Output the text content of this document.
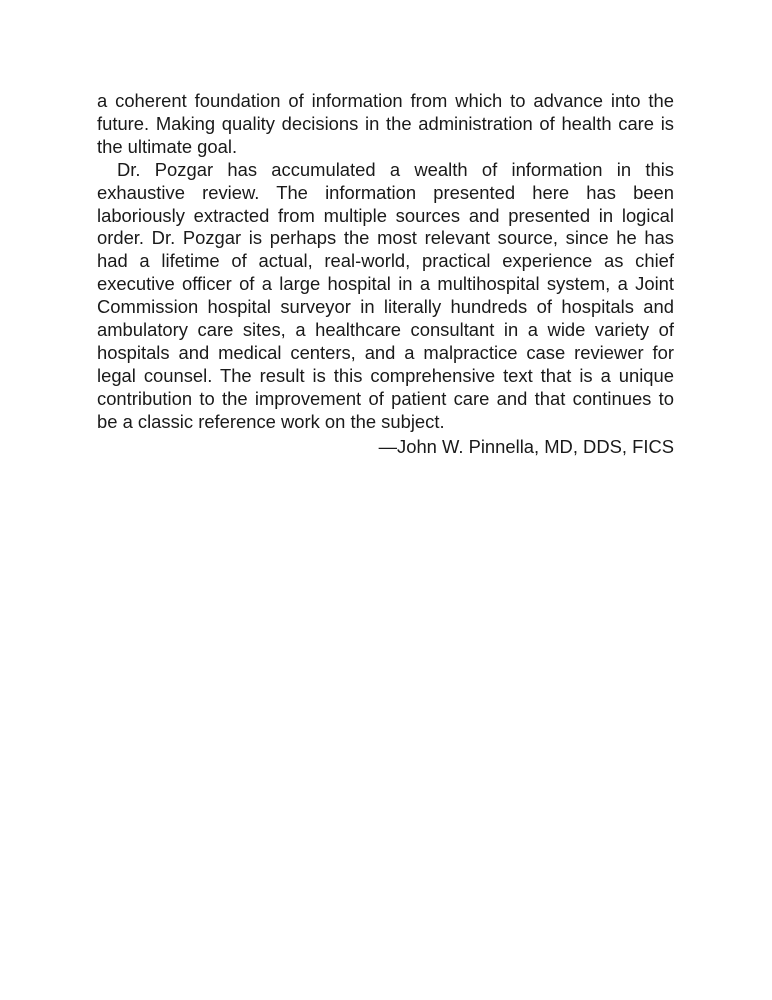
a coherent foundation of information from which to advance into the future. Making quality decisions in the administration of health care is the ultimate goal.

Dr. Pozgar has accumulated a wealth of information in this exhaustive review. The information presented here has been laboriously extracted from multiple sources and presented in logical order. Dr. Pozgar is perhaps the most relevant source, since he has had a lifetime of actual, real-world, practical experience as chief executive officer of a large hospital in a multihospital system, a Joint Commission hospital surveyor in literally hundreds of hospitals and ambulatory care sites, a healthcare consultant in a wide variety of hospitals and medical centers, and a malpractice case reviewer for legal counsel. The result is this comprehensive text that is a unique contribution to the improvement of patient care and that continues to be a classic reference work on the subject.

—John W. Pinnella, MD, DDS, FICS
